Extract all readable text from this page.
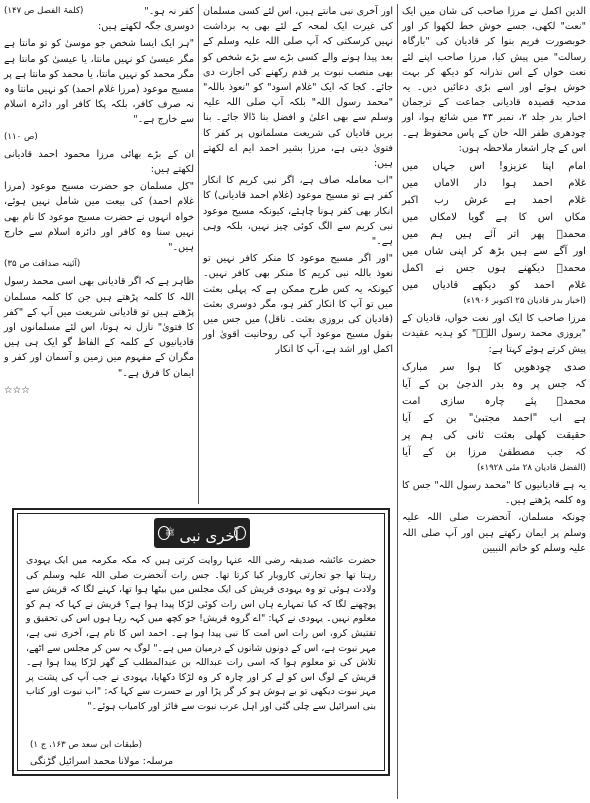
الدین اکمل نے مرزا صاحب کی شان میں ایک "نعت" لکھی، جسے خوش خط لکھوا کر اور خوبصورت فریم بنوا کر قادیان کی "بارگاہ رسالت" میں پیش کیا، مرزا صاحب اپنے لئے نعت خواں کے اس نذرانہ کو دیکھ کر بہت خوش ہوئے اور اسے بڑی دعائیں دیں۔ یہ مدحیہ قصیدہ قادیانی جماعت کے ترجمان اخبار بدر جلد ۲، نمبر ۴۳ میں شائع ہوا، اور چودھری ظفر اللہ خان کے پاس محفوظ ہے۔ اس کے چار اشعار ملاحظہ ہوں:

امام اپنا عزیزو! اس جہاں میں
غلام احمد ہوا دار الاماں میں
غلام احمد ہے عرش رب اکبر
مکاں اس کا ہے گویا لامکاں میں
محمدؐ پھر اتر آئے ہیں ہم میں
اور آگے سے ہیں بڑھ کر اپنی شاں میں
محمدؐ دیکھنے ہوں جس نے اکمل
غلام احمد کو دیکھے قادیاں میں

(اخبار بدر قادیان ۲۵ اکتوبر ۱۹۰۶ء)

مرزا صاحب کا ایک اور نعت خواں، قادیان کے "بروزی محمد رسول اللہؐ" کو ہدیہ عقیدت پیش کرتے ہوئے کہتا ہے:

صدی چودھویں کا ہوا سر مبارک
کہ جس پر وہ بدر الدجیٰ بن کے آیا
محمدؐ پئے چارہ سازی امت
ہے اب "احمد مجتبیٰ" بن کے آیا
حقیقت کھلی بعثت ثانی کی ہم پر
کہ جب مصطفیٰ مرزا بن کے آیا

(الفضل قادیان ۲۸ مئی ۱۹۲۸ء)

یہ ہے قادیانیوں کا "محمد رسول اللہ" جس کا وہ کلمہ پڑھتے ہیں۔

چونکہ مسلمان، آنحضرت صلی اللہ علیہ وسلم پر ایمان رکھتے ہیں اور آپ صلی اللہ علیہ وسلم کو خاتم النبیین

اور آخری نبی مانتے ہیں، اس لئے کسی مسلمان کی غیرت ایک لمحہ کے لئے بھی یہ برداشت نہیں کرسکتی کہ آپ صلی اللہ علیہ وسلم کے بعد پیدا ہونے والے کسی بڑے سے بڑے شخص کو بھی منصب نبوت پر قدم رکھنے کی اجازت دی جائے۔ کجا کہ ایک "غلام اسود" کو "نعوذ باللہ" "محمد رسول اللہ" بلکہ آپ صلی اللہ علیہ وسلم سے بھی اعلیٰ و افضل بنا ڈالا جائے۔ بنا بریں قادیان کی شریعت مسلمانوں پر کفر کا فتویٰ دیتی ہے، مرزا بشیر احمد ایم اے لکھتے ہیں:

"اب معاملہ صاف ہے، اگر نبی کریم کا انکار کفر ہے تو مسیح موعود (غلام احمد قادیانی) کا انکار بھی کفر ہونا چاہئے، کیونکہ مسیح موعود نبی کریم سے الگ کوئی چیز نہیں، بلکہ وہی ہے۔"

"اور اگر مسیح موعود کا منکر کافر نہیں تو نعوذ باللہ نبی کریم کا منکر بھی کافر نہیں۔ کیونکہ یہ کس طرح ممکن ہے کہ پہلی بعثت میں تو آپ کا انکار کفر ہو، مگر دوسری بعثت (قادیان کی بروزی بعثت۔ ناقل) میں جس میں بقول مسیح موعود آپ کی روحانیت اقویٰ اور اکمل اور اشد ہے، آپ کا انکار

کفر نہ ہو۔"
(کلمۃ الفصل ص ۱۴۷)

دوسری جگہ لکھتے ہیں:

"ہر ایک ایسا شخص جو موسیٰ کو تو مانتا ہے مگر عیسیٰ کو نہیں مانتا، یا عیسیٰ کو مانتا ہے مگر محمد کو نہیں مانتا، یا محمد کو مانتا ہے پر مسیح موعود (مرزا غلام احمد) کو نہیں مانتا وہ نہ صرف کافر، بلکہ پکا کافر اور دائرہ اسلام سے خارج ہے۔"

(ص ۱۱۰)

ان کے بڑے بھائی مرزا محمود احمد قادیانی لکھتے ہیں:

"کل مسلمان جو حضرت مسیح موعود (مرزا غلام احمد) کی بیعت میں شامل نہیں ہوئے، خواہ انہوں نے حضرت مسیح موعود کا نام بھی نہیں سنا وہ کافر اور دائرہ اسلام سے خارج ہیں۔"

(آئینہ صداقت ص ۳۵)

ظاہر ہے کہ اگر قادیانی بھی اسی محمد رسول اللہ کا کلمہ پڑھتے ہیں جن کا کلمہ مسلمان پڑھتے ہیں تو قادیانی شریعت میں آپ کے "کفر کا فتویٰ" نازل نہ ہوتا، اس لئے مسلمانوں اور قادیانیوں کے کلمہ کے الفاظ گو ایک ہی ہیں مگران کے مفہوم میں زمین و آسمان اور کفر و ایمان کا فرق ہے۔"

☆☆☆

آخری نبی $^ﷺ$

حضرت عائشہ صدیقہ رضی اللہ عنہا روایت کرتی ہیں کہ مکہ مکرمہ میں ایک یہودی رہتا تھا جو تجارتی کاروبار کیا کرتا تھا۔ جس رات آنحضرت صلی اللہ علیہ وسلم کی ولادت ہوئی تو وہ یہودی قریش کی ایک مجلس میں بیٹھا ہوا تھا، کہنے لگا کہ قریش سے پوچھنے لگا کہ کیا تمہارے ہاں اس رات کوئی لڑکا پیدا ہوا ہے؟ قریش نے کہا کہ ہم کو معلوم نہیں۔ یہودی نے کہا: "اے گروہ قریش! جو کچھ میں کہہ رہا ہوں اس کی تحقیق و تفتیش کرو، اس رات اس امت کا نبی پیدا ہوا ہے۔ احمد اس کا نام ہے، آخری نبی ہے، مہر نبوت ہے، اس کے دونوں شانوں کے درمیان میں ہے۔" لوگ یہ سن کر مجلس سے اٹھے، تلاش کی تو معلوم ہوا کہ اسی رات عبداللہ بن عبدالمطلب کے گھر لڑکا پیدا ہوا ہے۔ قریش کے لوگ اس کو لے کر اور چارہ کر وہ لڑکا دکھایا، یہودی نے جب آپ کی پشت پر مہر نبوت دیکھی تو بے ہوش ہو کر گر پڑا اور بے حسرت سے کہا کہ: "اب نبوت اور کتاب بنی اسرائیل سے چلی گئی اور اہل عرب نبوت سے فائز اور کامیاب ہوئے۔"

(طبقات ابن سعد ص ۱۶۳، ج ۱)
مرسلہ: مولانا محمد اسرائیل گڑنگی
